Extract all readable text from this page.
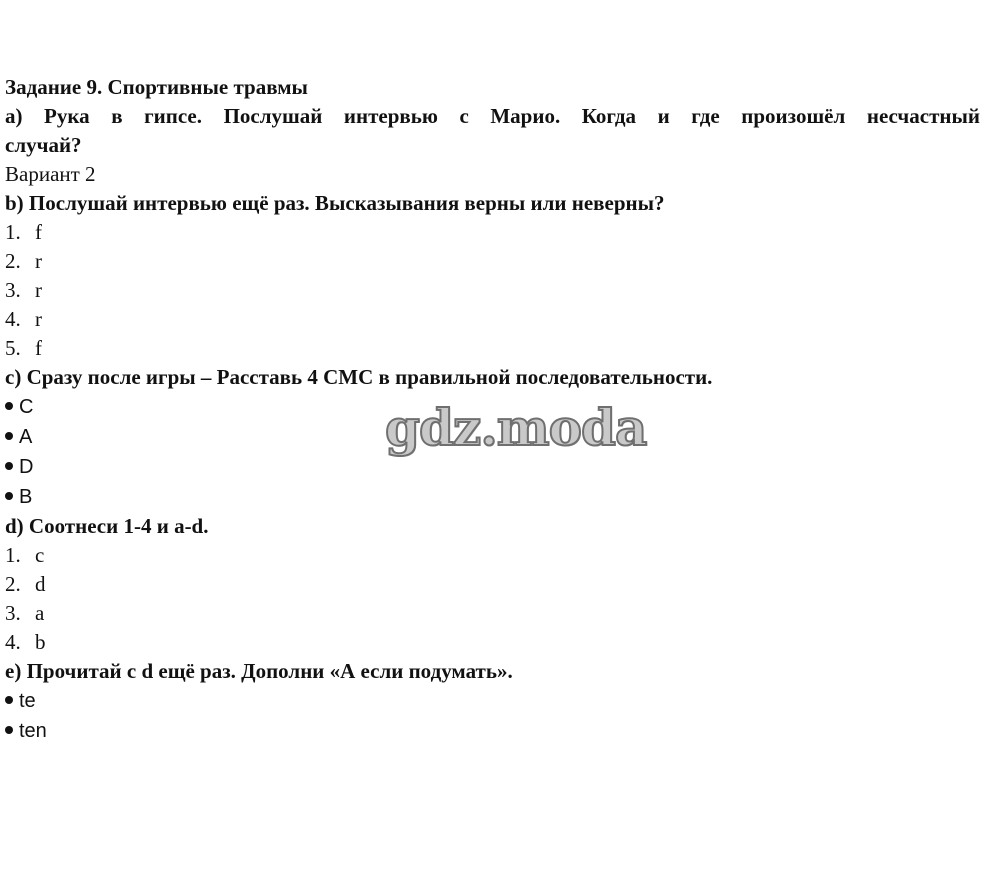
Задание 9. Спортивные травмы
а) Рука в гипсе. Послушай интервью с Марио. Когда и где произошёл несчастный
случай?
Вариант 2
b) Послушай интервью ещё раз. Высказывания верны или неверны?
1. f
2. r
3. r
4. r
5. f
c) Сразу после игры – Расставь 4 СМС в правильной последовательности.
C
A
D
B
d) Соотнеси 1-4 и a-d.
1. c
2. d
3. a
4. b
e) Прочитай с d ещё раз. Дополни «А если подумать».
te
ten
gdz.moda
